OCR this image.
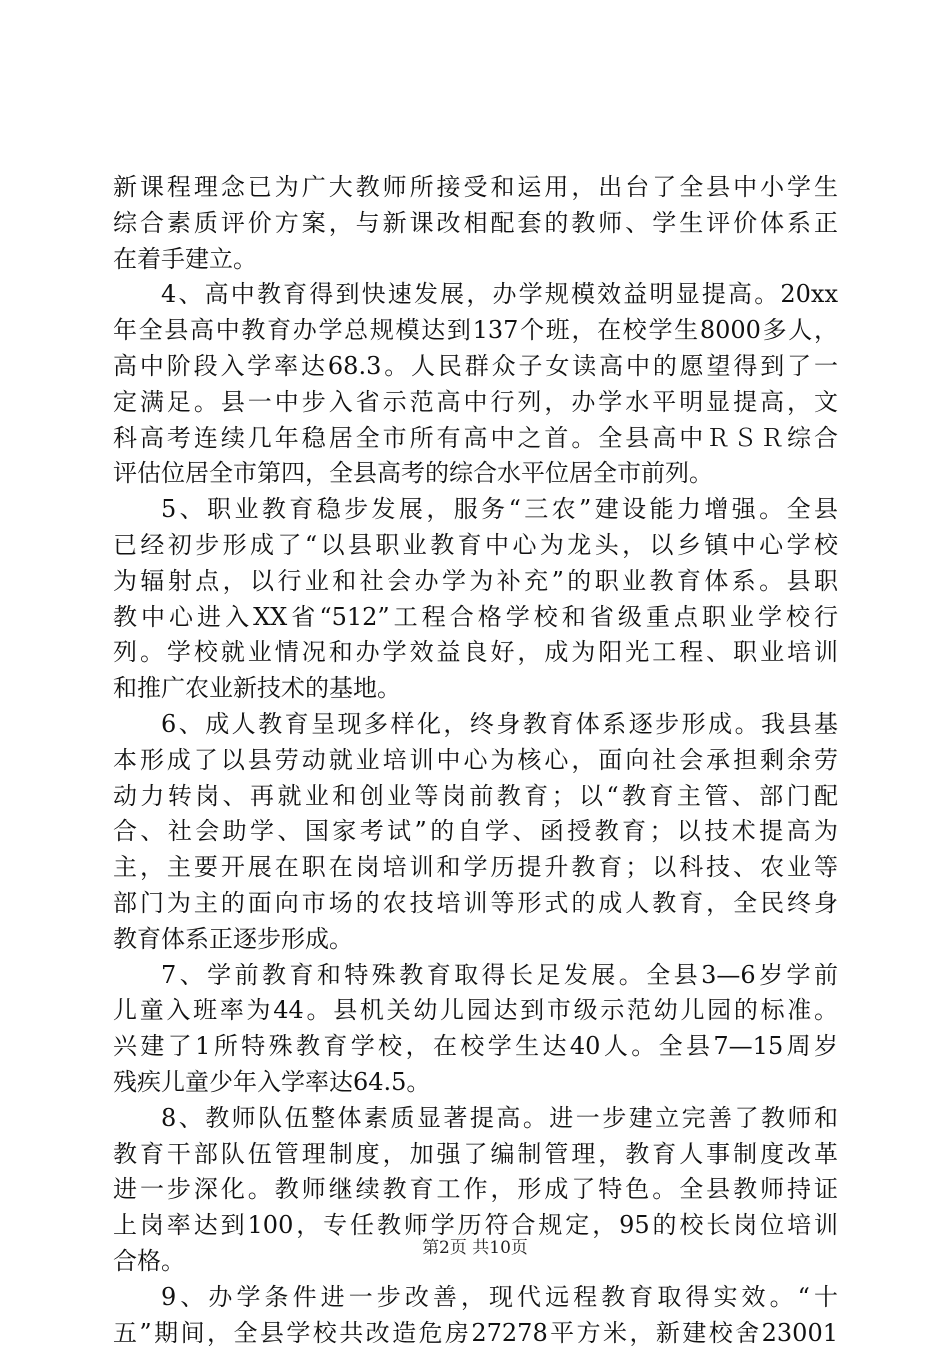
新课程理念已为广大教师所接受和运用，出台了全县中小学生
综合素质评价方案，与新课改相配套的教师、学生评价体系正
在着手建立。
4、高中教育得到快速发展，办学规模效益明显提高。20xx
年全县高中教育办学总规模达到137个班，在校学生8000多人，
高中阶段入学率达68.3。人民群众子女读高中的愿望得到了一
定满足。县一中步入省示范高中行列，办学水平明显提高，文
科高考连续几年稳居全市所有高中之首。全县高中ＲＳＲ综合
评估位居全市第四，全县高考的综合水平位居全市前列。
5、职业教育稳步发展，服务“三农”建设能力增强。全县
已经初步形成了“以县职业教育中心为龙头，以乡镇中心学校
为辐射点，以行业和社会办学为补充”的职业教育体系。县职
教中心进入XX省“512”工程合格学校和省级重点职业学校行
列。学校就业情况和办学效益良好，成为阳光工程、职业培训
和推广农业新技术的基地。
6、成人教育呈现多样化，终身教育体系逐步形成。我县基
本形成了以县劳动就业培训中心为核心，面向社会承担剩余劳
动力转岗、再就业和创业等岗前教育；以“教育主管、部门配
合、社会助学、国家考试”的自学、函授教育；以技术提高为
主，主要开展在职在岗培训和学历提升教育；以科技、农业等
部门为主的面向市场的农技培训等形式的成人教育，全民终身
教育体系正逐步形成。
7、学前教育和特殊教育取得长足发展。全县3—6岁学前
儿童入班率为44。县机关幼儿园达到市级示范幼儿园的标准。
兴建了1所特殊教育学校，在校学生达40人。全县7—15周岁
残疾儿童少年入学率达64.5。
8、教师队伍整体素质显著提高。进一步建立完善了教师和
教育干部队伍管理制度，加强了编制管理，教育人事制度改革
进一步深化。教师继续教育工作，形成了特色。全县教师持证
上岗率达到100，专任教师学历符合规定，95的校长岗位培训
合格。
9、办学条件进一步改善，现代远程教育取得实效。“十
五”期间，全县学校共改造危房27278平方米，新建校舍23001
第2页 共10页
